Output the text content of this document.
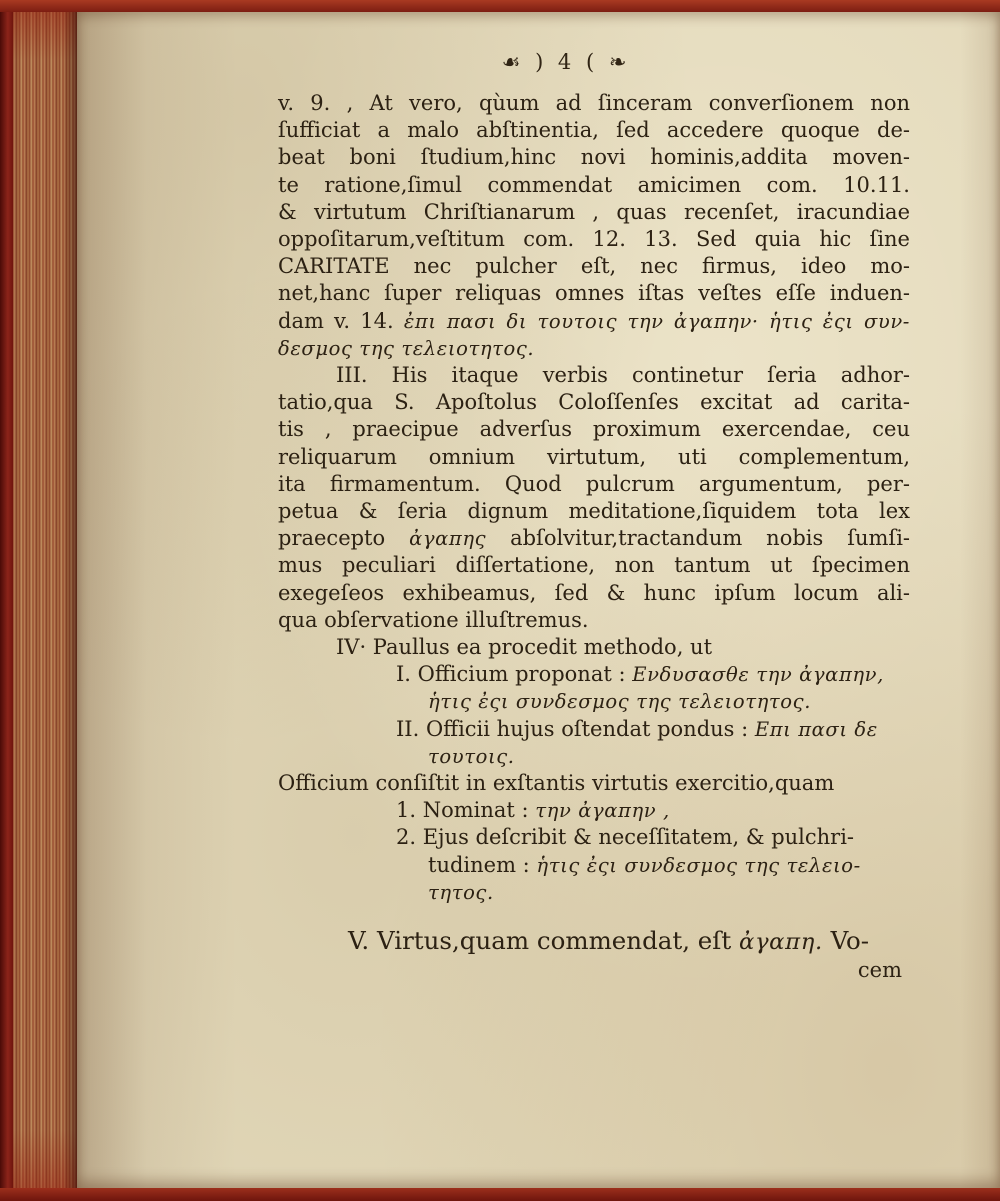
☙ ) 4 ( ❧
v. 9. , At vero, qùum ad ſinceram converſionem non
ſufficiat a malo abſtinentia, ſed accedere quoque de-
beat boni ſtudium,hinc novi hominis,addita moven-
te ratione,ſimul commendat amicimen com. 10.11.
& virtutum Chriſtianarum , quas recenſet, iracundiae
oppoſitarum,veſtitum com. 12. 13. Sed quia hic ſine
CARITATE nec pulcher eſt, nec firmus, ideo mo-
net,hanc ſuper reliquas omnes iſtas veſtes eſſe induen-
dam v. 14. ἐπι πασι δι τουτοις την ἀγαπην· ἡτις ἐςι συν-
δεσμος της τελειοτητος.
III. His itaque verbis continetur ſeria adhor-
tatio,qua S. Apoſtolus Coloſſenſes excitat ad carita-
tis , praecipue adverſus proximum exercendae, ceu
reliquarum omnium virtutum, uti complementum,
ita firmamentum. Quod pulcrum argumentum, per-
petua & ſeria dignum meditatione,ſiquidem tota lex
praecepto ἀγαπης abſolvitur,tractandum nobis ſumſi-
mus peculiari diſſertatione, non tantum ut ſpecimen
exegeſeos exhibeamus, ſed & hunc ipſum locum ali-
qua obſervatione illuſtremus.
IV· Paullus ea procedit methodo, ut
I. Officium proponat : Ενδυσασθε την ἀγαπην,
ἡτις ἐςι συνδεσμος της τελειοτητος.
II. Officii hujus oſtendat pondus : Επι πασι δε
τουτοις.
Officium conſiſtit in exſtantis virtutis exercitio,quam
1. Nominat : την ἀγαπην ,
2. Ejus deſcribit & neceſſitatem, & pulchri-
tudinem : ἡτις ἐςι συνδεσμος της τελειο-
τητος.
V. Virtus,quam commendat, eſt ἀγαπη. Vo-
cem
